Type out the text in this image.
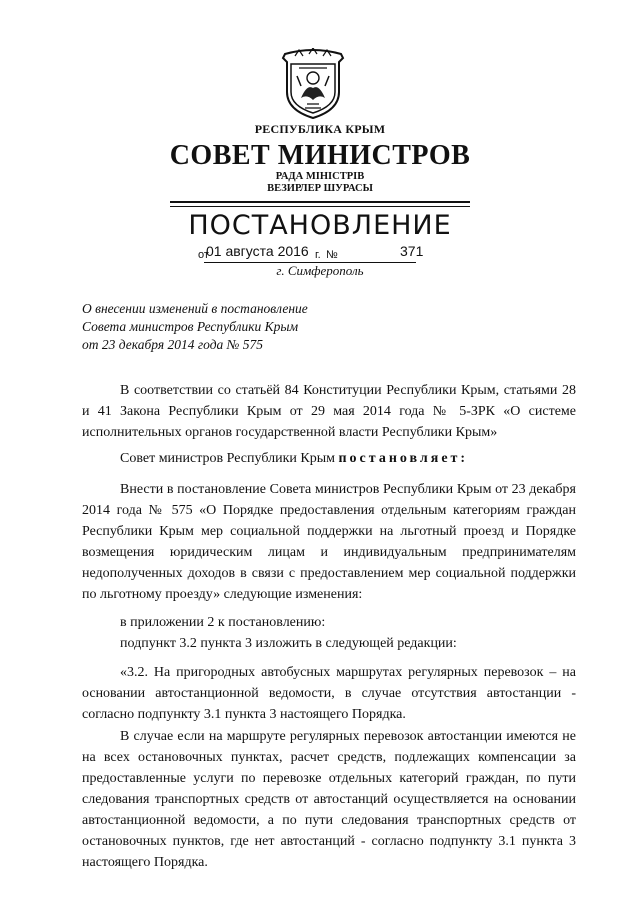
РЕСПУБЛИКА КРЫМ
СОВЕТ МИНИСТРОВ
РАДА МІНІСТРІВ
ВЕЗИРЛЕР ШУРАСЫ
ПОСТАНОВЛЕНИЕ
от
01 августа 2016 г. №	371
г. Симферополь
О внесении изменений в постановление
Совета министров Республики Крым
от 23 декабря 2014 года № 575
В соответствии со статьёй 84 Конституции Республики Крым, статьями 28 и 41 Закона Республики Крым от 29 мая 2014 года № 5-ЗРК «О системе исполнительных органов государственной власти Республики Крым»
Совет министров Республики Крым постановляет:
Внести в постановление Совета министров Республики Крым от 23 декабря 2014 года № 575 «О Порядке предоставления отдельным категориям граждан Республики Крым мер социальной поддержки на льготный проезд и Порядке возмещения юридическим лицам и индивидуальным предпринимателям недополученных доходов в связи с предоставлением мер социальной поддержки по льготному проезду» следующие изменения:
в приложении 2 к постановлению:
подпункт 3.2 пункта 3 изложить в следующей редакции:
«3.2. На пригородных автобусных маршрутах регулярных перевозок – на основании автостанционной ведомости, в случае отсутствия автостанции - согласно подпункту 3.1 пункта 3 настоящего Порядка.
В случае если на маршруте регулярных перевозок автостанции имеются не на всех остановочных пунктах, расчет средств, подлежащих компенсации за предоставленные услуги по перевозке отдельных категорий граждан, по пути следования транспортных средств от автостанций осуществляется на основании автостанционной ведомости, а по пути следования транспортных средств от остановочных пунктов, где нет автостанций - согласно подпункту 3.1 пункта 3 настоящего Порядка.
